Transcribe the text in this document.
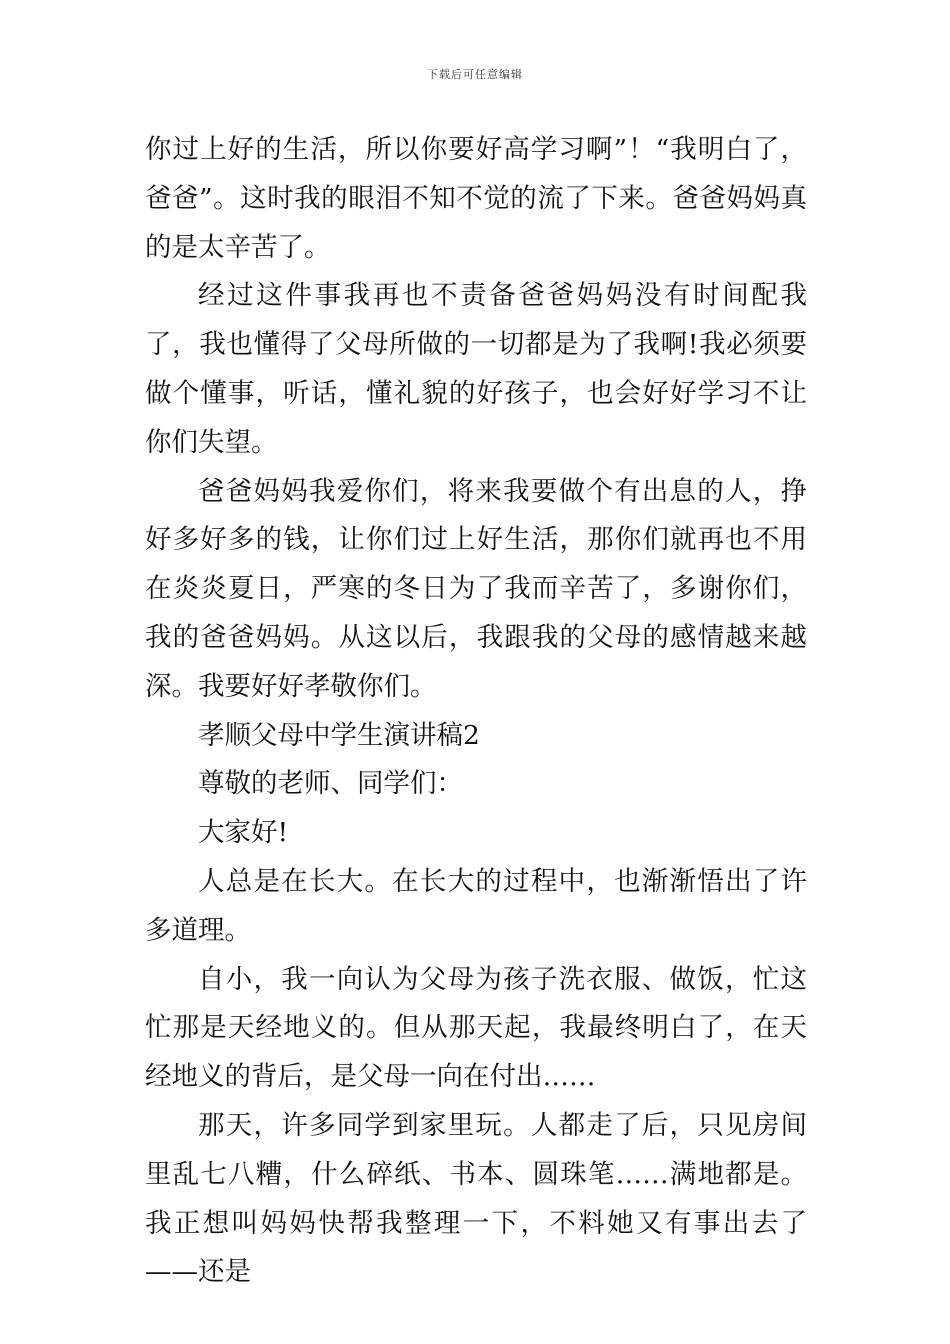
下载后可任意编辑

你过上好的生活，所以你要好高学习啊”！“我明白了，爸爸”。这时我的眼泪不知不觉的流了下来。爸爸妈妈真的是太辛苦了。

经过这件事我再也不责备爸爸妈妈没有时间配我了，我也懂得了父母所做的一切都是为了我啊!我必须要做个懂事，听话，懂礼貌的好孩子，也会好好学习不让你们失望。

爸爸妈妈我爱你们，将来我要做个有出息的人，挣好多好多的钱，让你们过上好生活，那你们就再也不用在炎炎夏日，严寒的冬日为了我而辛苦了，多谢你们，我的爸爸妈妈。从这以后，我跟我的父母的感情越来越深。我要好好孝敬你们。

孝顺父母中学生演讲稿2

尊敬的老师、同学们：

大家好!

人总是在长大。在长大的过程中，也渐渐悟出了许多道理。

自小，我一向认为父母为孩子洗衣服、做饭，忙这忙那是天经地义的。但从那天起，我最终明白了，在天经地义的背后，是父母一向在付出……

那天，许多同学到家里玩。人都走了后，只见房间里乱七八糟，什么碎纸、书本、圆珠笔……满地都是。我正想叫妈妈快帮我整理一下，不料她又有事出去了——还是
